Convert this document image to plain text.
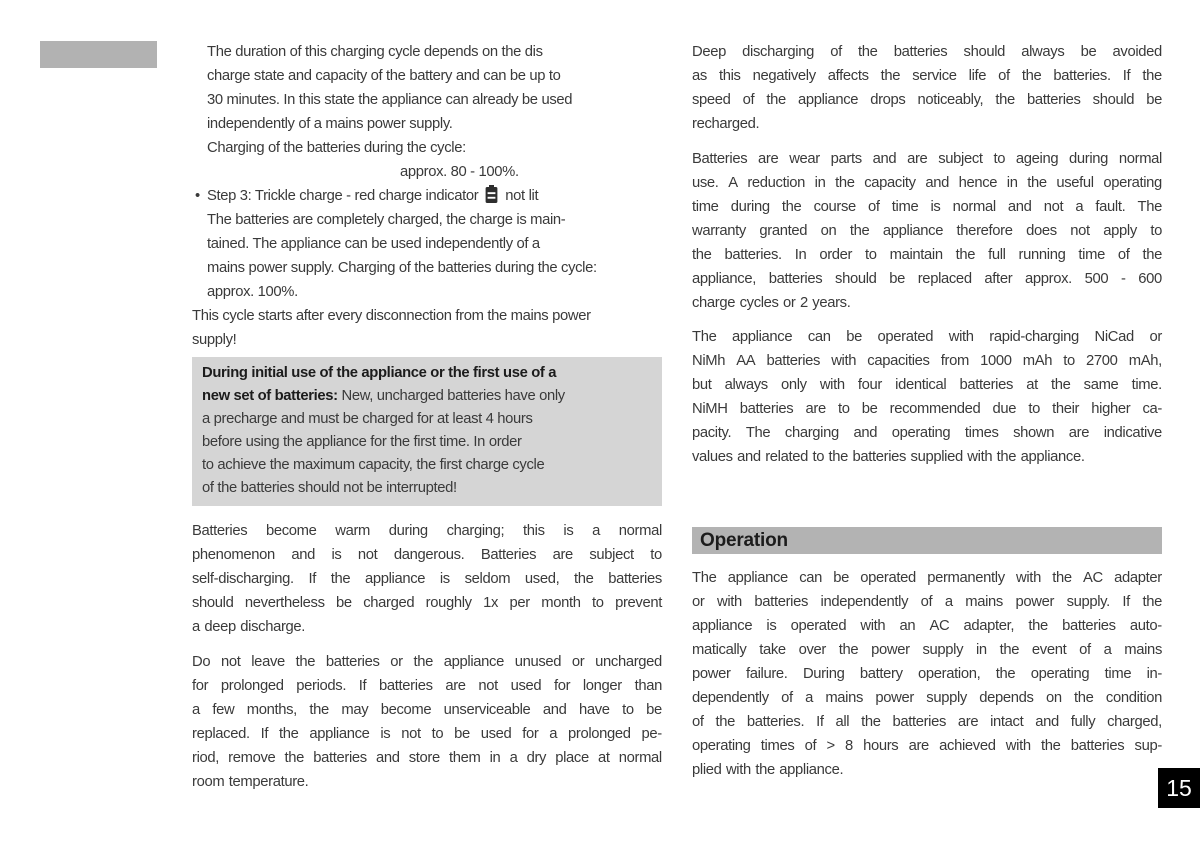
The duration of this charging cycle depends on the dis
charge state and capacity of the battery and can be up to
30 minutes. In this state the appliance can already be used
independently of a mains power supply.
Charging of the batteries during the cycle:
approx. 80 - 100%.
• Step 3: Trickle charge - red charge indicator not lit
The batteries are completely charged, the charge is main-
tained. The appliance can be used independently of a
mains power supply. Charging of the batteries during the cycle:
approx. 100%.
This cycle starts after every disconnection from the mains power
supply!
During initial use of the appliance or the first use of a
new set of batteries: New, uncharged batteries have only
a precharge and must be charged for at least 4 hours
before using the appliance for the first time. In order
to achieve the maximum capacity, the first charge cycle
of the batteries should not be interrupted!
Batteries become warm during charging; this is a normal
phenomenon and is not dangerous. Batteries are subject to
self-discharging. If the appliance is seldom used, the batteries
should nevertheless be charged roughly 1x per month to prevent
a deep discharge.
Do not leave the batteries or the appliance unused or uncharged
for prolonged periods. If batteries are not used for longer than
a few months, the may become unserviceable and have to be
replaced. If the appliance is not to be used for a prolonged pe-
riod, remove the batteries and store them in a dry place at normal
room temperature.
Deep discharging of the batteries should always be avoided
as this negatively affects the service life of the batteries. If the
speed of the appliance drops noticeably, the batteries should be
recharged.
Batteries are wear parts and are subject to ageing during normal
use. A reduction in the capacity and hence in the useful operating
time during the course of time is normal and not a fault. The
warranty granted on the appliance therefore does not apply to
the batteries. In order to maintain the full running time of the
appliance, batteries should be replaced after approx. 500 - 600
charge cycles or 2 years.
The appliance can be operated with rapid-charging NiCad or
NiMh AA batteries with capacities from 1000 mAh to 2700 mAh,
but always only with four identical batteries at the same time.
NiMH batteries are to be recommended due to their higher ca-
pacity. The charging and operating times shown are indicative
values and related to the batteries supplied with the appliance.
Operation
The appliance can be operated permanently with the AC adapter
or with batteries independently of a mains power supply. If the
appliance is operated with an AC adapter, the batteries auto-
matically take over the power supply in the event of a mains
power failure. During battery operation, the operating time in-
dependently of a mains power supply depends on the condition
of the batteries. If all the batteries are intact and fully charged,
operating times of > 8 hours are achieved with the batteries sup-
plied with the appliance.
15
